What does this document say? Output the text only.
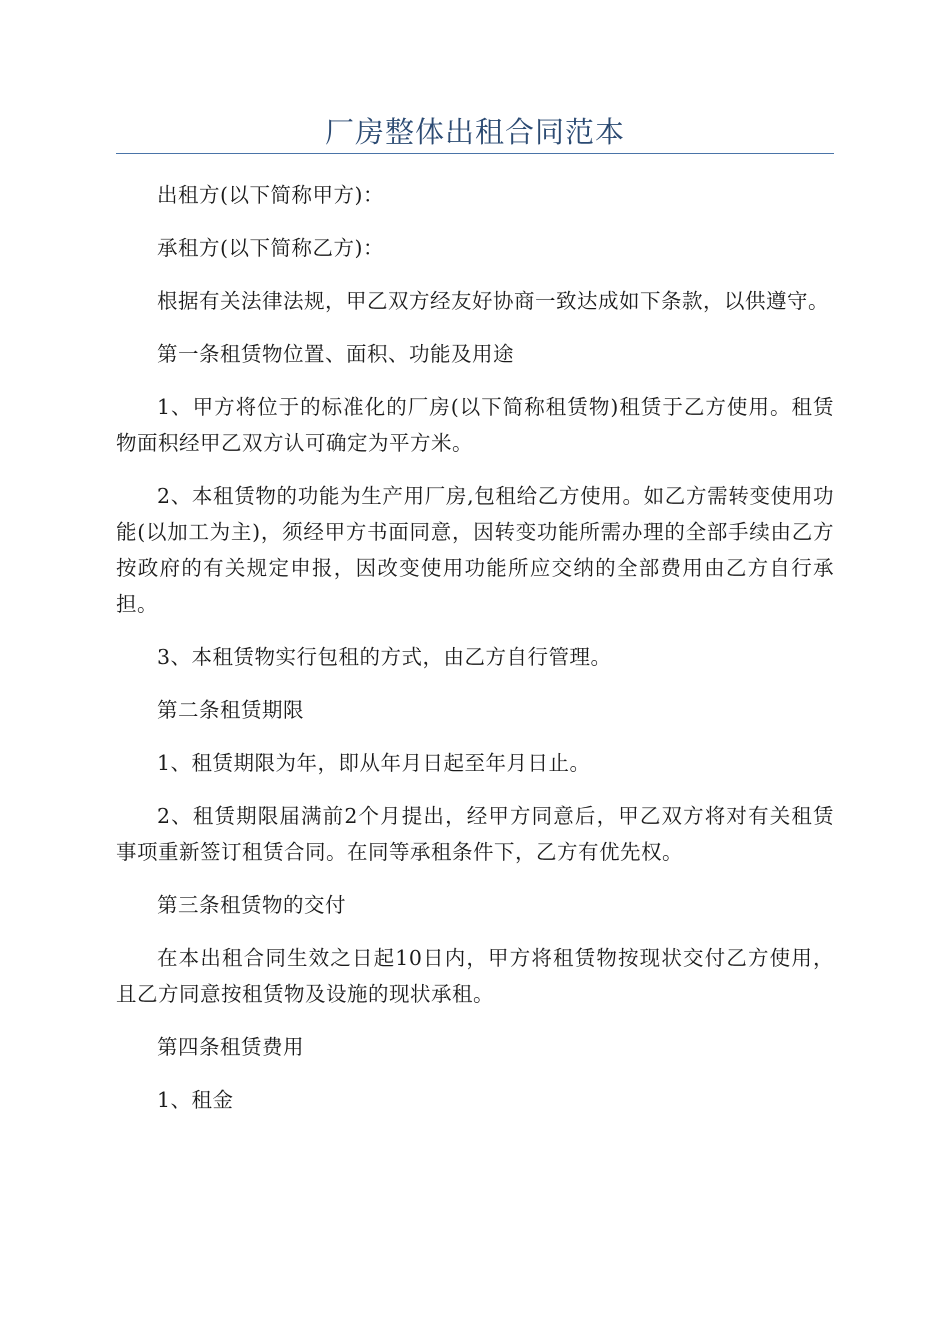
厂房整体出租合同范本

出租方(以下简称甲方)：

承租方(以下简称乙方)：

根据有关法律法规，甲乙双方经友好协商一致达成如下条款，以供遵守。

第一条租赁物位置、面积、功能及用途

1、甲方将位于的标准化的厂房(以下简称租赁物)租赁于乙方使用。租赁物面积经甲乙双方认可确定为平方米。

2、本租赁物的功能为生产用厂房,包租给乙方使用。如乙方需转变使用功能(以加工为主)，须经甲方书面同意，因转变功能所需办理的全部手续由乙方按政府的有关规定申报，因改变使用功能所应交纳的全部费用由乙方自行承担。

3、本租赁物实行包租的方式，由乙方自行管理。

第二条租赁期限

1、租赁期限为年，即从年月日起至年月日止。

2、租赁期限届满前2个月提出，经甲方同意后，甲乙双方将对有关租赁事项重新签订租赁合同。在同等承租条件下，乙方有优先权。

第三条租赁物的交付

在本出租合同生效之日起10日内，甲方将租赁物按现状交付乙方使用，且乙方同意按租赁物及设施的现状承租。

第四条租赁费用

1、租金
